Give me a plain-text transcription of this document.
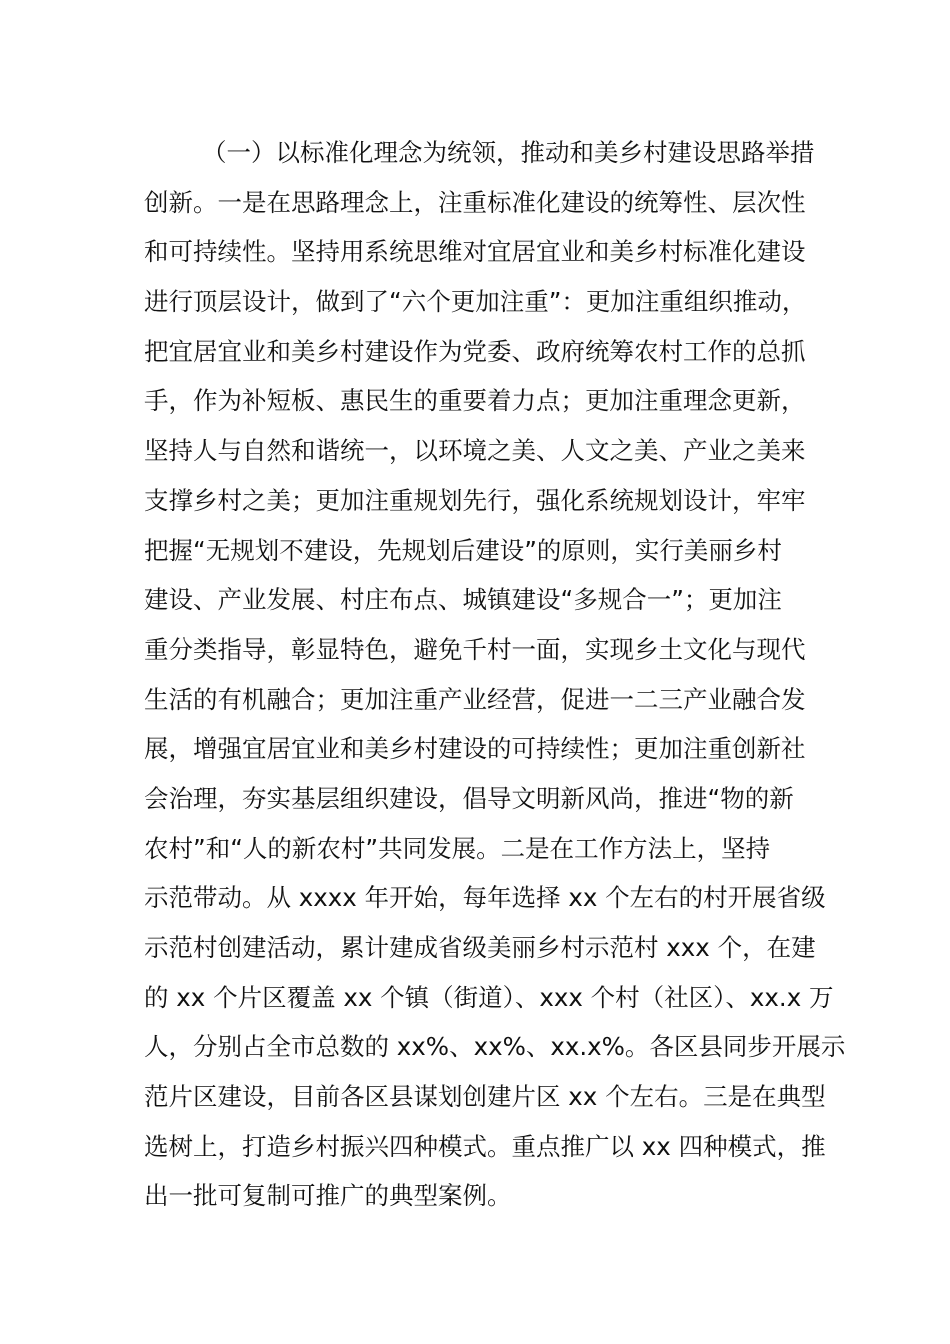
（一）以标准化理念为统领，推动和美乡村建设思路举措
创新。一是在思路理念上，注重标准化建设的统筹性、层次性
和可持续性。坚持用系统思维对宜居宜业和美乡村标准化建设
进行顶层设计，做到了“六个更加注重”：更加注重组织推动，
把宜居宜业和美乡村建设作为党委、政府统筹农村工作的总抓
手，作为补短板、惠民生的重要着力点；更加注重理念更新，
坚持人与自然和谐统一，以环境之美、人文之美、产业之美来
支撑乡村之美；更加注重规划先行，强化系统规划设计，牢牢
把握“无规划不建设，先规划后建设”的原则，实行美丽乡村
建设、产业发展、村庄布点、城镇建设“多规合一”；更加注
重分类指导，彰显特色，避免千村一面，实现乡土文化与现代
生活的有机融合；更加注重产业经营，促进一二三产业融合发
展，增强宜居宜业和美乡村建设的可持续性；更加注重创新社
会治理，夯实基层组织建设，倡导文明新风尚，推进“物的新
农村”和“人的新农村”共同发展。二是在工作方法上，坚持
示范带动。从 xxxx 年开始，每年选择 xx 个左右的村开展省级
示范村创建活动，累计建成省级美丽乡村示范村 xxx 个，在建
的 xx 个片区覆盖 xx 个镇（街道）、xxx 个村（社区）、xx.x 万
人，分别占全市总数的 xx%、xx%、xx.x%。各区县同步开展示
范片区建设，目前各区县谋划创建片区 xx 个左右。三是在典型
选树上，打造乡村振兴四种模式。重点推广以 xx 四种模式，推
出一批可复制可推广的典型案例。
